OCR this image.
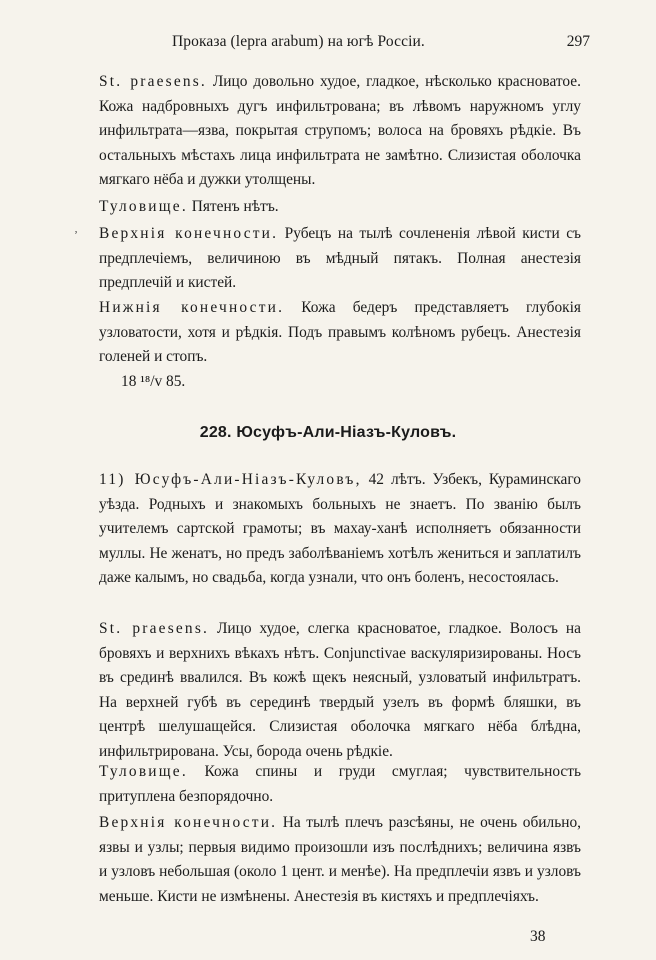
Проказа (lepra arabum) на югѣ Россіи.	297
ʼ

St. praesens. Лицо довольно худое, гладкое, нѣсколько красноватое. Кожа надбровныхъ дугъ инфильтрована; въ лѣвомъ наружномъ углу инфильтрата—язва, покрытая струпомъ; волоса на бровяхъ рѣдкіе. Въ остальныхъ мѣстахъ лица инфильтрата не замѣтно. Слизистая оболочка мягкаго нёба и дужки утолщены.

Туловище. Пятенъ нѣтъ.

Верхнія конечности. Рубецъ на тылѣ сочлененія лѣвой кисти съ предплечіемъ, величиною въ мѣдный пятакъ. Полная анестезія предплечій и кистей.

Нижнія конечности. Кожа бедеръ представляетъ глубокія узловатости, хотя и рѣдкія. Подъ правымъ колѣномъ рубецъ. Анестезія голеней и стопъ.

18 ¹⁸/v 85.

228. Юсуфъ-Али-Ніазъ-Куловъ.

11) Юсуфъ-Али-Ніазъ-Куловъ, 42 лѣтъ. Узбекъ, Кураминскаго уѣзда. Родныхъ и знакомыхъ больныхъ не знаетъ. По званію былъ учителемъ сартской грамоты; въ махау-ханѣ исполняетъ обязанности муллы. Не женатъ, но предъ заболѣваніемъ хотѣлъ жениться и заплатилъ даже калымъ, но свадьба, когда узнали, что онъ боленъ, несостоялась.

St. praesens. Лицо худое, слегка красноватое, гладкое. Волосъ на бровяхъ и верхнихъ вѣкахъ нѣтъ. Conjunctivae васкуляризированы. Носъ въ срединѣ ввалился. Въ кожѣ щекъ неясный, узловатый инфильтратъ. На верхней губѣ въ серединѣ твердый узелъ въ формѣ бляшки, въ центрѣ шелушащейся. Слизистая оболочка мягкаго нёба блѣдна, инфильтрирована. Усы, борода очень рѣдкіе.

Туловище. Кожа спины и груди смуглая; чувствительность притуплена безпорядочно.

Верхнія конечности. На тылѣ плечъ разсѣяны, не очень обильно, язвы и узлы; первыя видимо произошли изъ послѣднихъ; величина язвъ и узловъ небольшая (около 1 цент. и менѣе). На предплечіи язвъ и узловъ меньше. Кисти не измѣнены. Анестезія въ кистяхъ и предплечіяхъ.

38
